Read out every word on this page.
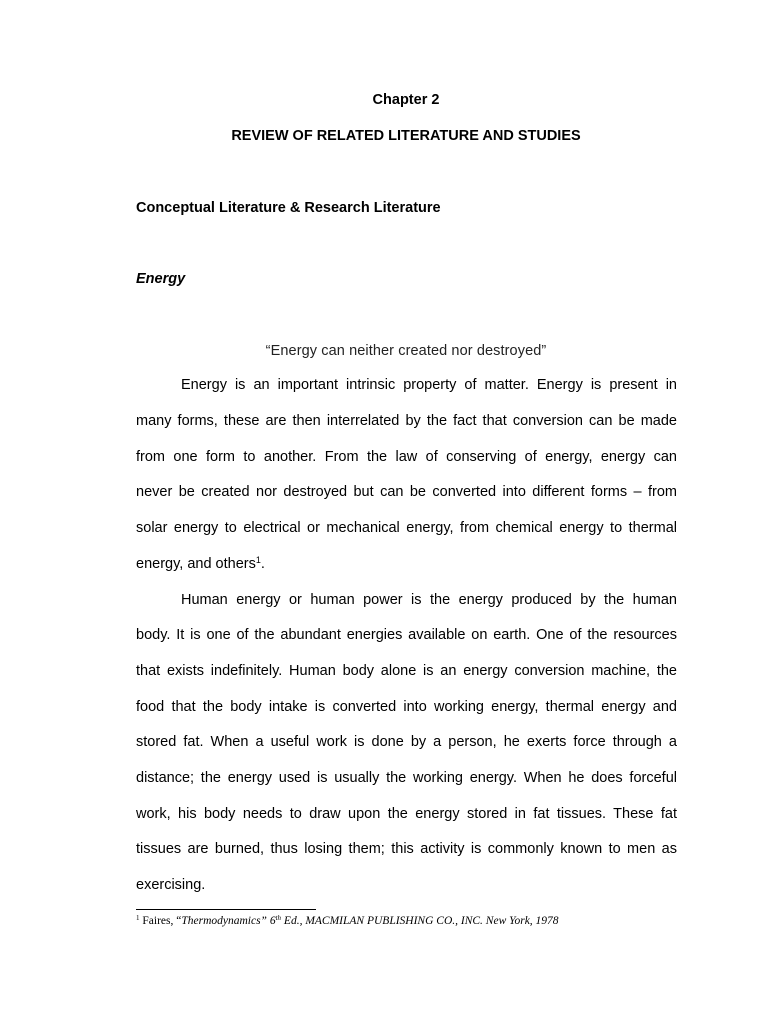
Chapter 2
REVIEW OF RELATED LITERATURE AND STUDIES
Conceptual Literature & Research Literature
Energy
“Energy can neither created nor destroyed”
Energy is an important intrinsic property of matter. Energy is present in
many forms, these are then interrelated by the fact that conversion can be made
from one form to another. From the law of conserving of energy, energy can
never be created nor destroyed but can be converted into different forms – from
solar energy to electrical or mechanical energy, from chemical energy to thermal
energy, and others$^1$.
Human energy or human power is the energy produced by the human
body. It is one of the abundant energies available on earth. One of the resources
that exists indefinitely. Human body alone is an energy conversion machine, the
food that the body intake is converted into working energy, thermal energy and
stored fat. When a useful work is done by a person, he exerts force through a
distance; the energy used is usually the working energy. When he does forceful
work, his body needs to draw upon the energy stored in fat tissues. These fat
tissues are burned, thus losing them; this activity is commonly known to men as
exercising.
$^1$ Faires, “Thermodynamics” 6th Ed., MACMILAN PUBLISHING CO., INC. New York, 1978
